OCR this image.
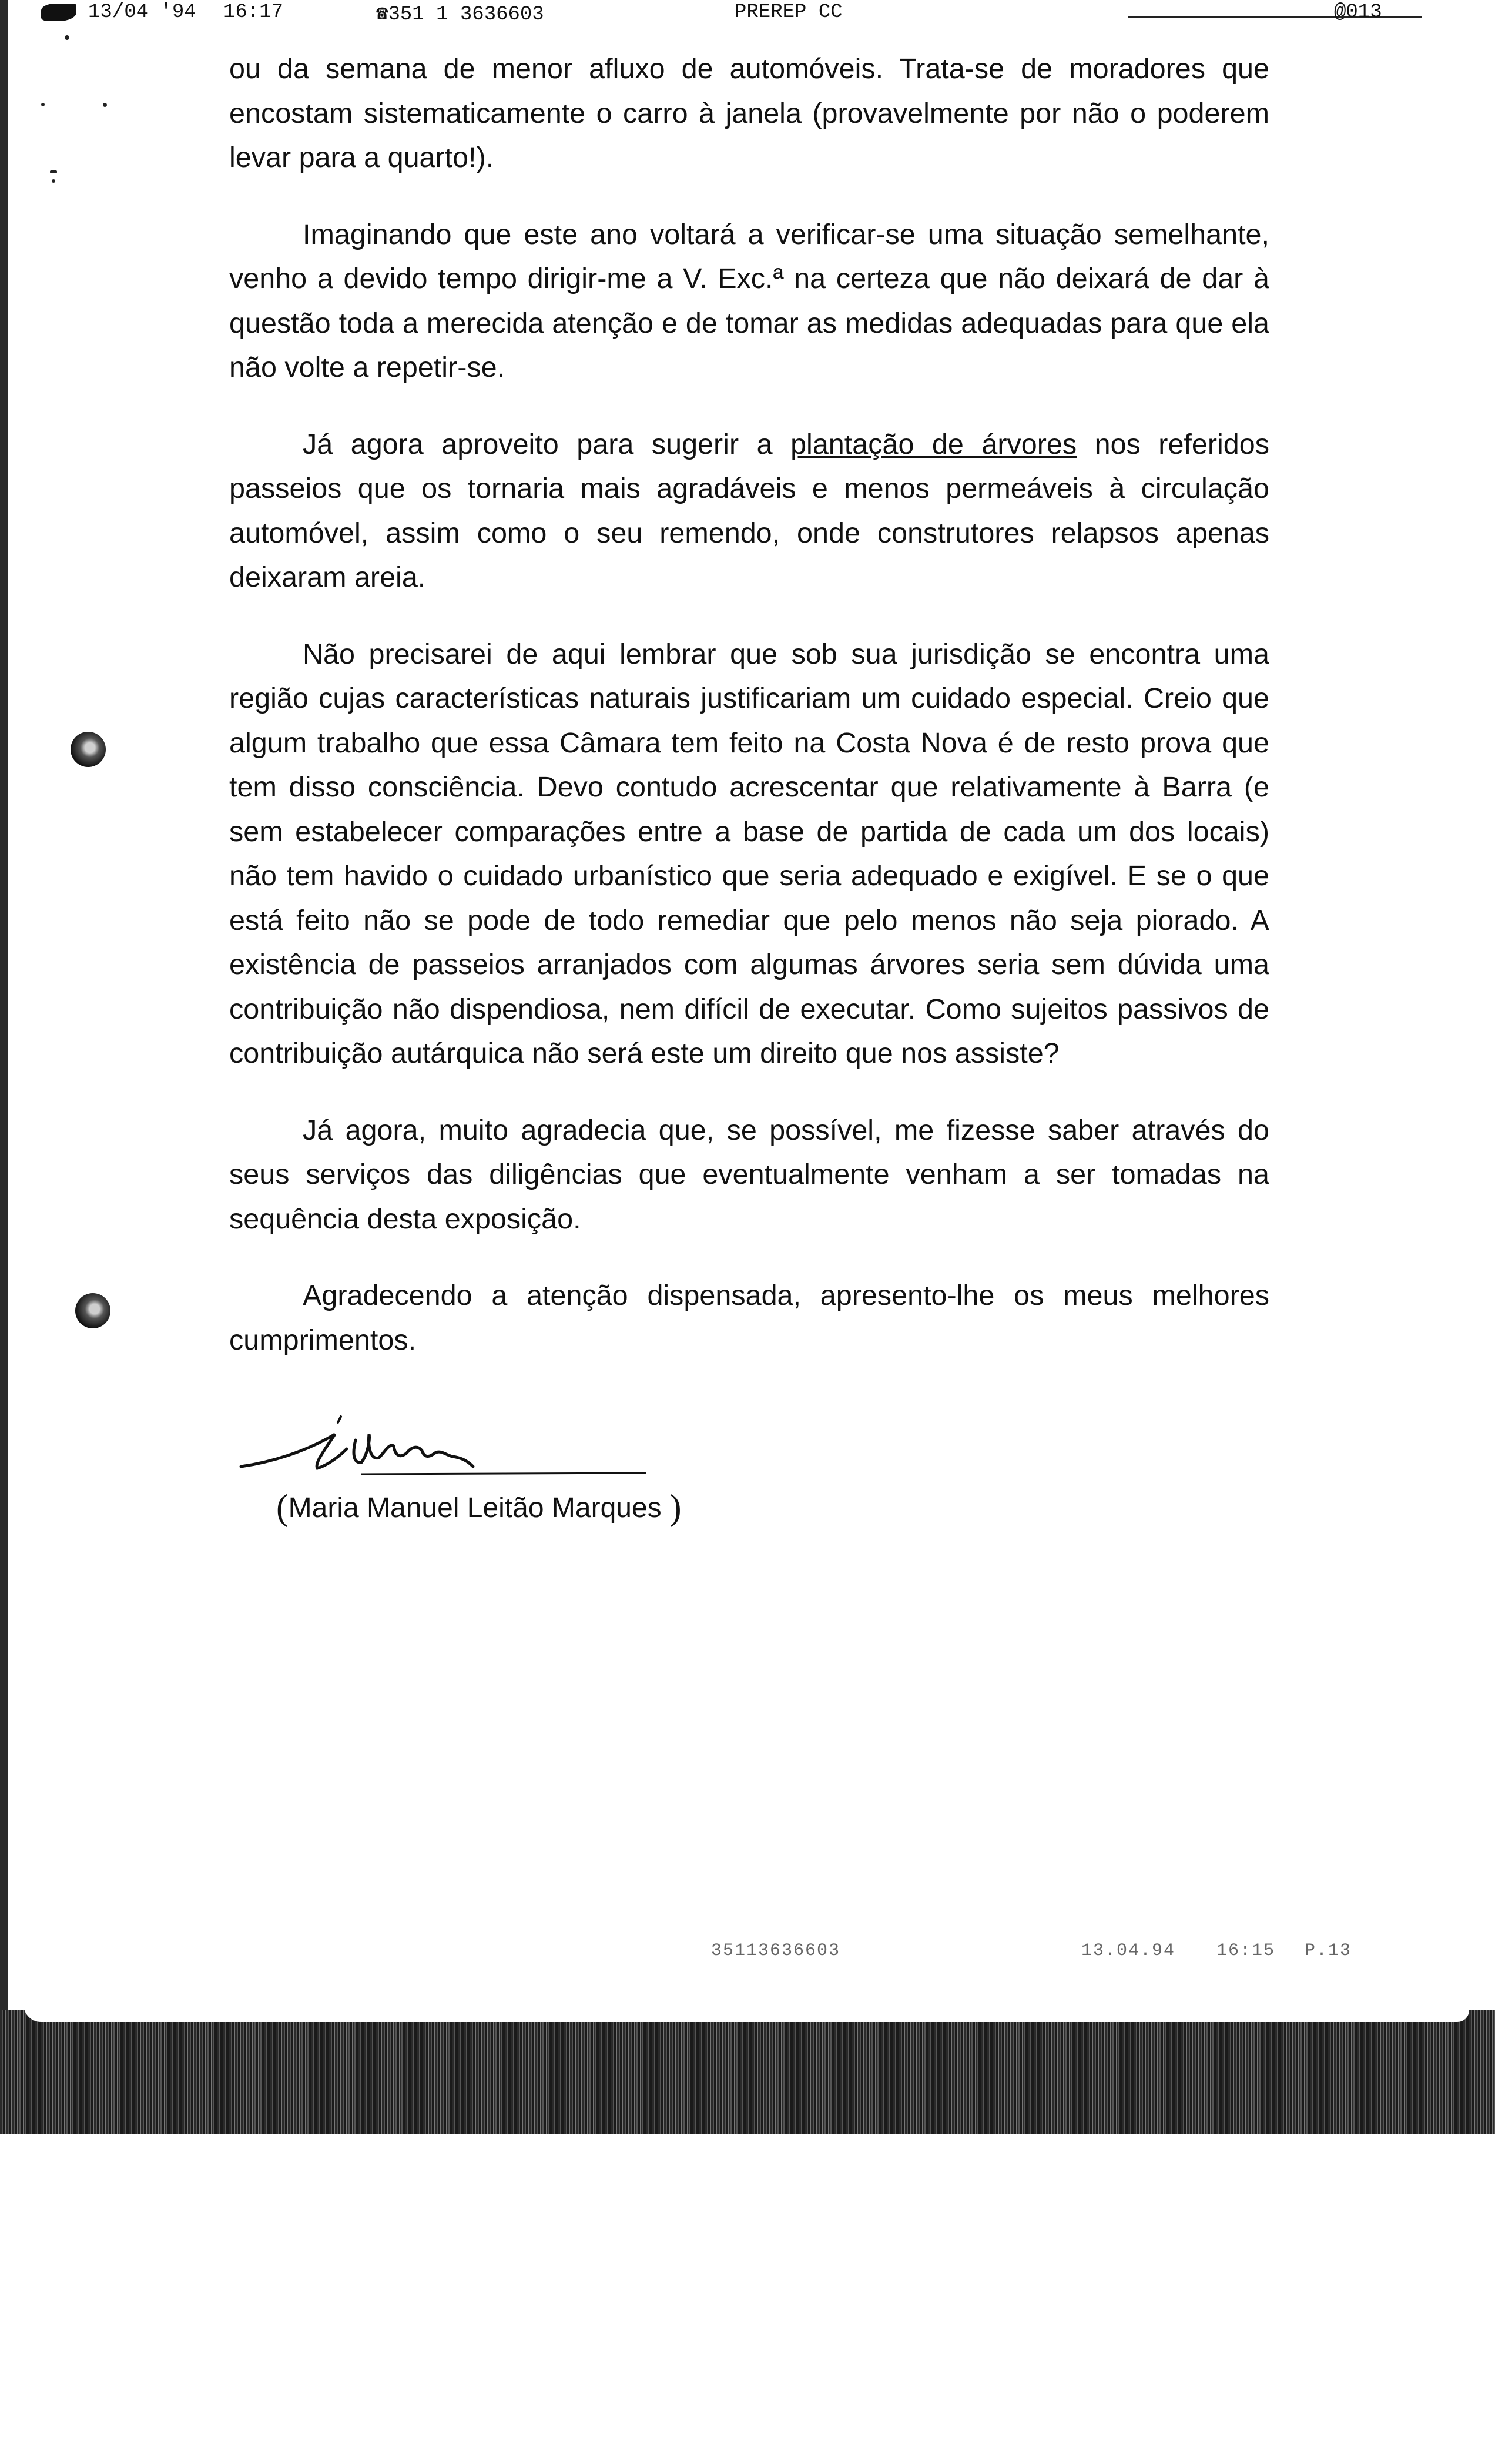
13/04 '94 16:17	☎351 1 3636603	PREREP CC	@013

ou da semana de menor afluxo de automóveis. Trata-se de moradores que encostam sistematicamente o carro à janela (provavelmente por não o poderem levar para a quarto!).

Imaginando que este ano voltará a verificar-se uma situação semelhante, venho a devido tempo dirigir-me a V. Exc.ª na certeza que não deixará de dar à questão toda a merecida atenção e de tomar as medidas adequadas para que ela não volte a repetir-se.

Já agora aproveito para sugerir a plantação de árvores nos referidos passeios que os tornaria mais agradáveis e menos permeáveis à circulação automóvel, assim como o seu remendo, onde construtores relapsos apenas deixaram areia.

Não precisarei de aqui lembrar que sob sua jurisdição se encontra uma região cujas características naturais justificariam um cuidado especial. Creio que algum trabalho que essa Câmara tem feito na Costa Nova é de resto prova que tem disso consciência. Devo contudo acrescentar que relativamente à Barra (e sem estabelecer comparações entre a base de partida de cada um dos locais) não tem havido o cuidado urbanístico que seria adequado e exigível. E se o que está feito não se pode de todo remediar que pelo menos não seja piorado. A existência de passeios arranjados com algumas árvores seria sem dúvida uma contribuição não dispendiosa, nem difícil de executar. Como sujeitos passivos de contribuição autárquica não será este um direito que nos assiste?

Já agora, muito agradecia que, se possível, me fizesse saber através do seus serviços das diligências que eventualmente venham a ser tomadas na sequência desta exposição.

Agradecendo a atenção dispensada, apresento-lhe os meus melhores cumprimentos.

(Maria Manuel Leitão Marques )
35113636603	13.04.94 16:15 P.13
